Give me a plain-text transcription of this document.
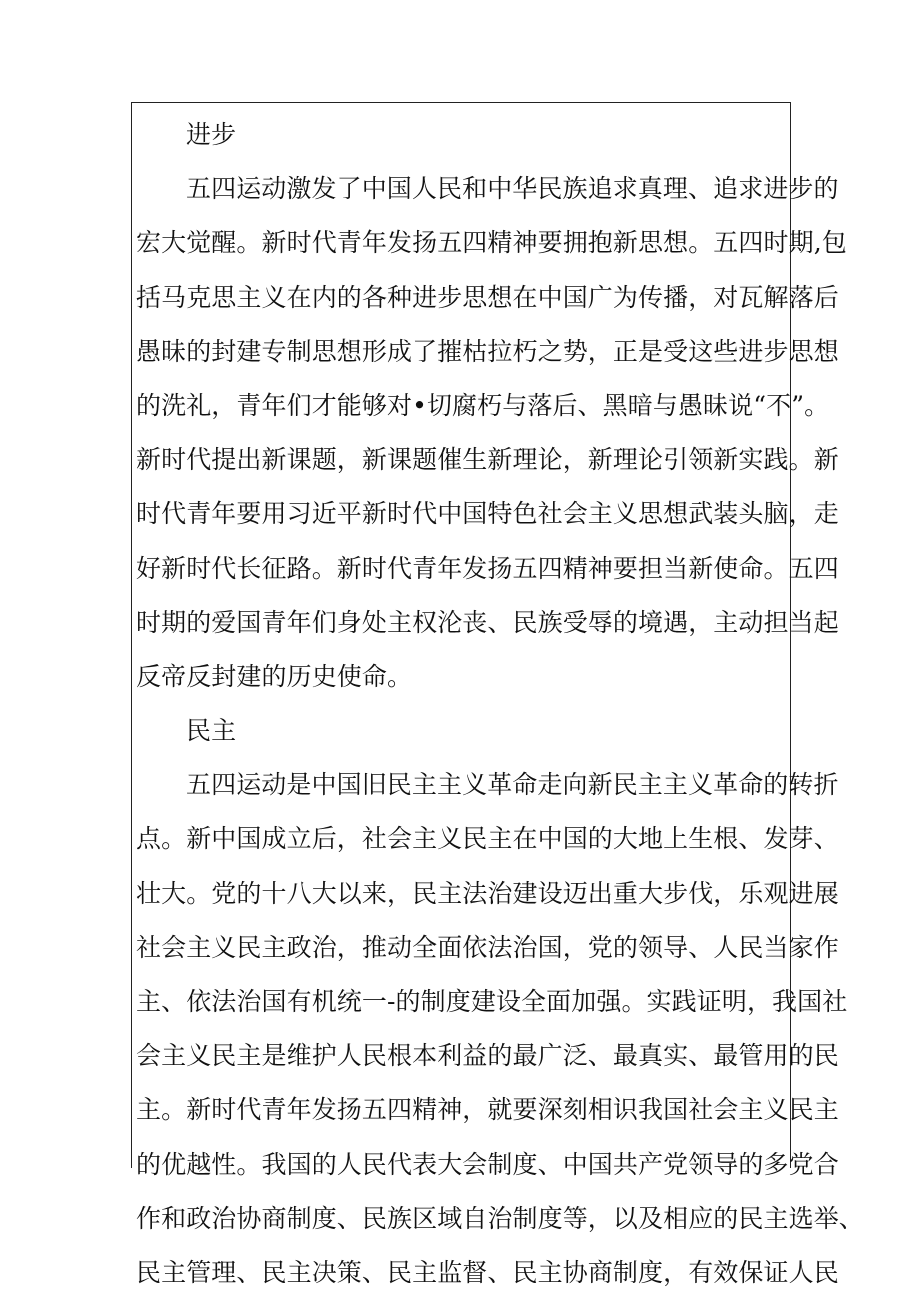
进步
五四运动激发了中国人民和中华民族追求真理、追求进步的
宏大觉醒。新时代青年发扬五四精神要拥抱新思想。五四时期,包
括马克思主义在内的各种进步思想在中国广为传播，对瓦解落后
愚昧的封建专制思想形成了摧枯拉朽之势，正是受这些进步思想
的洗礼，青年们才能够对•切腐朽与落后、黑暗与愚昧说“不”。
新时代提出新课题，新课题催生新理论，新理论引领新实践。新
时代青年要用习近平新时代中国特色社会主义思想武装头脑，走
好新时代长征路。新时代青年发扬五四精神要担当新使命。五四
时期的爱国青年们身处主权沦丧、民族受辱的境遇，主动担当起
反帝反封建的历史使命。
民主
五四运动是中国旧民主主义革命走向新民主主义革命的转折
点。新中国成立后，社会主义民主在中国的大地上生根、发芽、
壮大。党的十八大以来，民主法治建设迈出重大步伐，乐观进展
社会主义民主政治，推动全面依法治国，党的领导、人民当家作
主、依法治国有机统一-的制度建设全面加强。实践证明，我国社
会主义民主是维护人民根本利益的最广泛、最真实、最管用的民
主。新时代青年发扬五四精神，就要深刻相识我国社会主义民主
的优越性。我国的人民代表大会制度、中国共产党领导的多党合
作和政治协商制度、民族区域自治制度等，以及相应的民主选举、
民主管理、民主决策、民主监督、民主协商制度，有效保证人民
